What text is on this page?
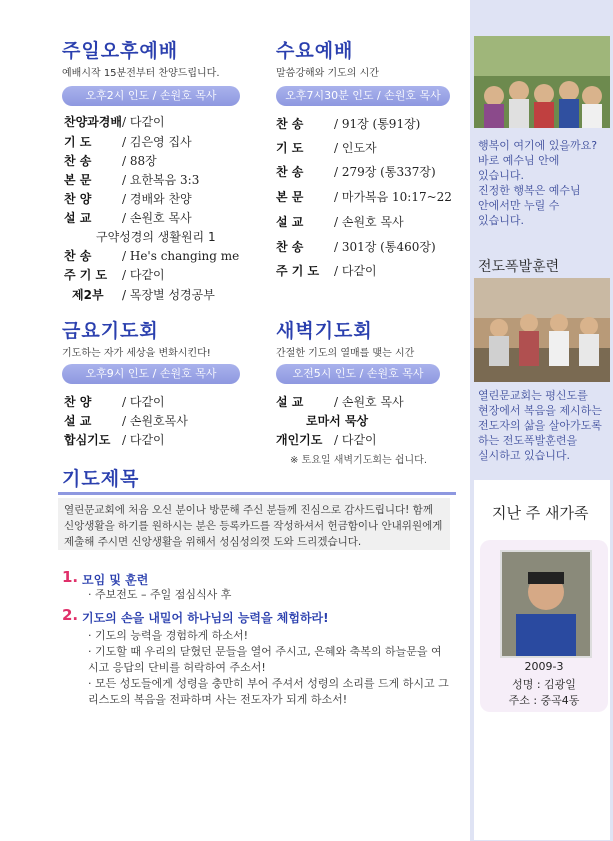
행복이 여기에 있을까요?
바로 예수님 안에
있습니다.
진정한 행복은 예수님
안에서만 누릴 수
있습니다.
전도폭발훈련
열린문교회는 평신도를
현장에서 복음을 제시하는
전도자의 삶을 살아가도록
하는 전도폭발훈련을
실시하고 있습니다.
지난 주 새가족
2009-3
성명 : 김광일
주소 : 중곡4동
주일오후예배
예배시작 15분전부터 찬양드립니다.
오후2시 인도 / 손원호 목사
찬양과경배/ 다같이
기 도	/ 김은영 집사
찬 송	/ 88장
본 문	/ 요한복음 3:3
찬 양	/ 경배와 찬양
설 교	/ 손원호 목사
구약성경의 생활원리 1
찬 송	/ He's changing me
주 기 도 / 다같이
제2부 / 목장별 성경공부
수요예배
말씀강해와 기도의 시간
오후7시30분 인도 / 손원호 목사
찬 송	/ 91장 (통91장)
기 도	/ 인도자
찬 송	/ 279장 (통337장)
본 문	/ 마가복음 10:17~22
설 교	/ 손원호 목사
찬 송	/ 301장 (통460장)
주 기 도 / 다같이
금요기도회
기도하는 자가 세상을 변화시킨다!
오후9시 인도 / 손원호 목사
찬 양	/ 다같이
설 교	/ 손원호목사
합심기도 / 다같이
새벽기도회
간절한 기도의 열매를 맺는 시간
오전5시 인도 / 손원호 목사
설 교	/ 손원호 목사
로마서 묵상
개인기도 / 다같이
※ 토요일 새벽기도회는 쉽니다.
기도제목
열린문교회에 처음 오신 분이나 방문해 주신 분들께 진심으로 감사드립니다! 함께 신앙생활을 하기를 원하시는 분은 등록카드를 작성하셔서 헌금함이나 안내위원에게 제출해 주시면 신앙생활을 위해서 성심성의껏 도와 드리겠습니다.
1. 모임 및 훈련
· 주보전도 – 주일 점심식사 후
2. 기도의 손을 내밀어 하나님의 능력을 체험하라!
· 기도의 능력을 경험하게 하소서!
· 기도할 때 우리의 닫혔던 문들을 열어 주시고, 은혜와 축복의 하늘문을 여시고 응답의 단비를 허락하여 주소서!
· 모든 성도들에게 성령을 충만히 부어 주셔서 성령의 소리를 드게 하시고 그리스도의 복음을 전파하며 사는 전도자가 되게 하소서!
